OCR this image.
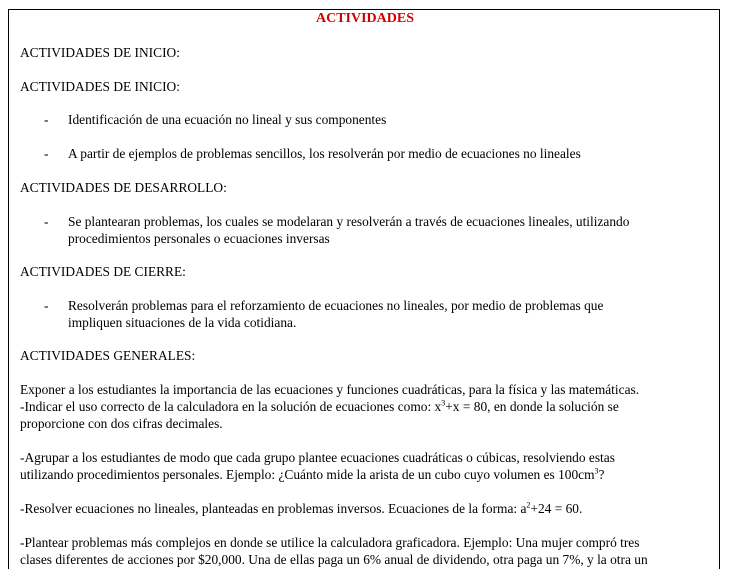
ACTIVIDADES
ACTIVIDADES DE INICIO:
ACTIVIDADES DE INICIO:
- Identificación de una ecuación no lineal y sus componentes
- A partir de ejemplos de problemas sencillos, los resolverán por medio de ecuaciones no lineales
ACTIVIDADES DE DESARROLLO:
- Se plantearan problemas, los cuales se modelaran y resolverán a través de ecuaciones lineales, utilizando
procedimientos personales o ecuaciones inversas
ACTIVIDADES DE CIERRE:
- Resolverán problemas para el reforzamiento de ecuaciones no lineales, por medio de problemas que
impliquen situaciones de la vida cotidiana.
ACTIVIDADES GENERALES:
Exponer a los estudiantes la importancia de las ecuaciones y funciones cuadráticas, para la física y las matemáticas.
-Indicar el uso correcto de la calculadora en la solución de ecuaciones como: $x^3+x = 80$, en donde la solución se
proporcione con dos cifras decimales.
-Agrupar a los estudiantes de modo que cada grupo plantee ecuaciones cuadráticas o cúbicas, resolviendo estas
utilizando procedimientos personales. Ejemplo: ¿Cuánto mide la arista de un cubo cuyo volumen es $100cm^3$?
-Resolver ecuaciones no lineales, planteadas en problemas inversos. Ecuaciones de la forma: $a^2+24 = 60$.
-Plantear problemas más complejos en donde se utilice la calculadora graficadora. Ejemplo: Una mujer compró tres
clases diferentes de acciones por $20,000. Una de ellas paga un 6% anual de dividendo, otra paga un 7%, y la otra un
